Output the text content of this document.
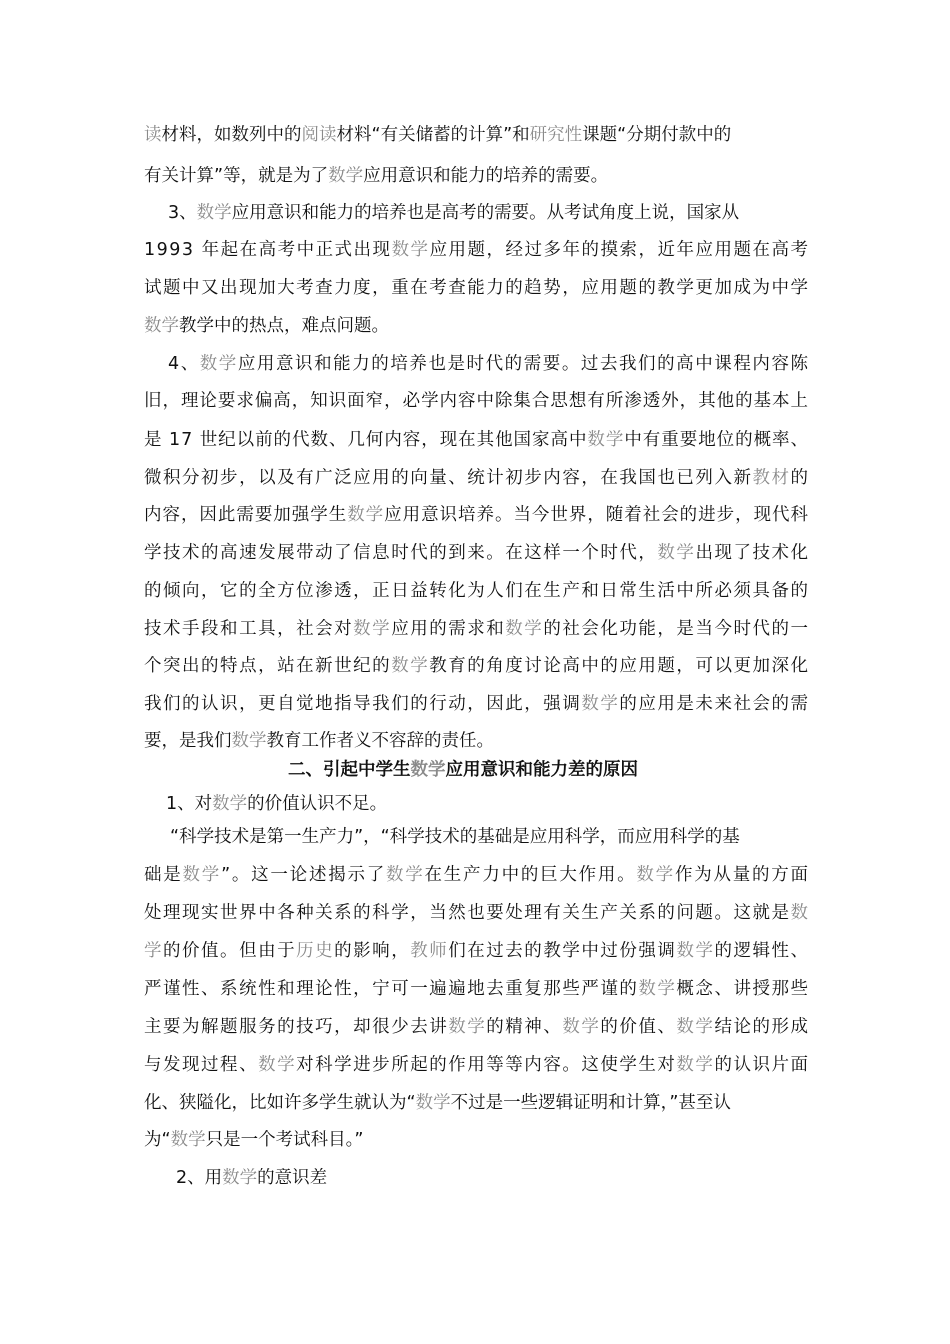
读材料，如数列中的阅读材料“有关储蓄的计算”和研究性课题“分期付款中的
有关计算”等，就是为了数学应用意识和能力的培养的需要。
3、数学应用意识和能力的培养也是高考的需要。从考试角度上说，国家从
1993 年起在高考中正式出现数学应用题，经过多年的摸索，近年应用题在高考
试题中又出现加大考查力度，重在考查能力的趋势，应用题的教学更加成为中学
数学教学中的热点，难点问题。
4、数学应用意识和能力的培养也是时代的需要。过去我们的高中课程内容陈
旧，理论要求偏高，知识面窄，必学内容中除集合思想有所渗透外，其他的基本上
是 17 世纪以前的代数、几何内容，现在其他国家高中数学中有重要地位的概率、
微积分初步，以及有广泛应用的向量、统计初步内容，在我国也已列入新教材的
内容，因此需要加强学生数学应用意识培养。当今世界，随着社会的进步，现代科
学技术的高速发展带动了信息时代的到来。在这样一个时代，数学出现了技术化
的倾向，它的全方位渗透，正日益转化为人们在生产和日常生活中所必须具备的
技术手段和工具，社会对数学应用的需求和数学的社会化功能，是当今时代的一
个突出的特点，站在新世纪的数学教育的角度讨论高中的应用题，可以更加深化
我们的认识，更自觉地指导我们的行动，因此，强调数学的应用是未来社会的需
要，是我们数学教育工作者义不容辞的责任。
二、引起中学生数学应用意识和能力差的原因
1、对数学的价值认识不足。
“科学技术是第一生产力”，“科学技术的基础是应用科学，而应用科学的基
础是数学”。这一论述揭示了数学在生产力中的巨大作用。数学作为从量的方面
处理现实世界中各种关系的科学，当然也要处理有关生产关系的问题。这就是数
学的价值。但由于历史的影响，教师们在过去的教学中过份强调数学的逻辑性、
严谨性、系统性和理论性，宁可一遍遍地去重复那些严谨的数学概念、讲授那些
主要为解题服务的技巧，却很少去讲数学的精神、数学的价值、数学结论的形成
与发现过程、数学对科学进步所起的作用等等内容。这使学生对数学的认识片面
化、狭隘化，比如许多学生就认为“数学不过是一些逻辑证明和计算，”甚至认
为“数学只是一个考试科目。”
2、用数学的意识差
